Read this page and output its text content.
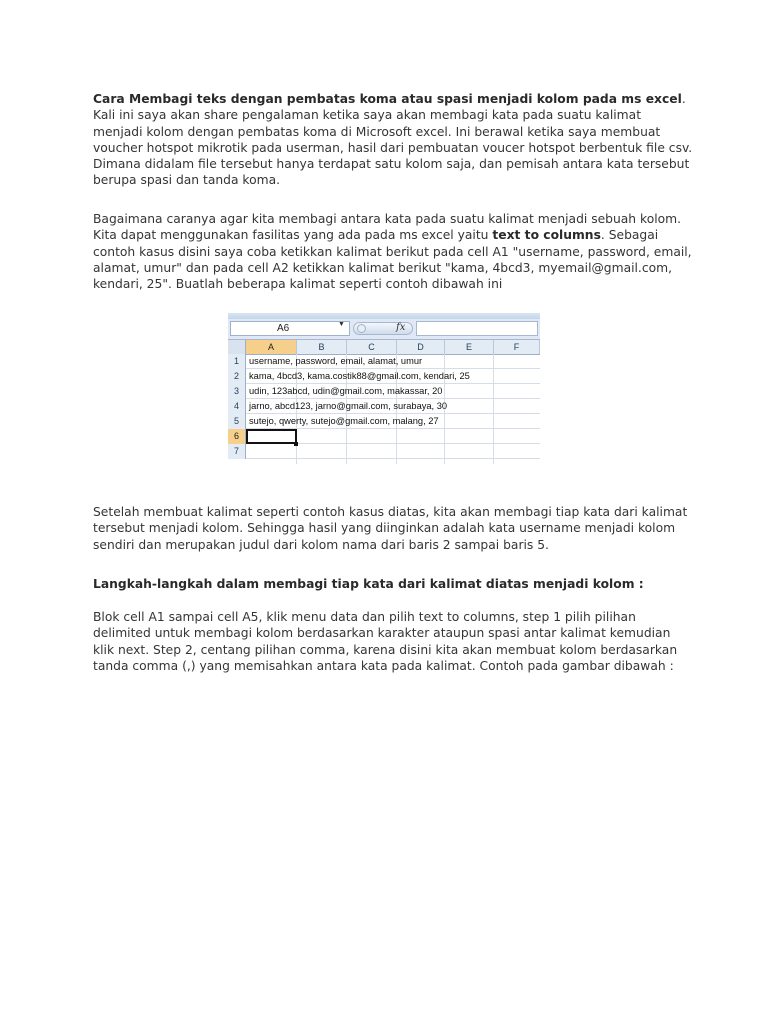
Cara Membagi teks dengan pembatas koma atau spasi menjadi kolom pada ms excel. Kali ini saya akan share pengalaman ketika saya akan membagi kata pada suatu kalimat menjadi kolom dengan pembatas koma di Microsoft excel. Ini berawal ketika saya membuat voucher hotspot mikrotik pada userman, hasil dari pembuatan voucer hotspot berbentuk file csv. Dimana didalam file tersebut hanya terdapat satu kolom saja, dan pemisah antara kata tersebut berupa spasi dan tanda koma.
Bagaimana caranya agar kita membagi antara kata pada suatu kalimat menjadi sebuah kolom. Kita dapat menggunakan fasilitas yang ada pada ms excel yaitu text to columns. Sebagai contoh kasus disini saya coba ketikkan kalimat berikut pada cell A1 "username, password, email, alamat, umur" dan pada cell A2 ketikkan kalimat berikut "kama, 4bcd3, myemail@gmail.com, kendari, 25". Buatlah beberapa kalimat seperti contoh dibawah ini
A6	▼	fx
A	B	C	D	E	F
1	username, password, email, alamat, umur
2	kama, 4bcd3, kama.costik88@gmail.com, kendari, 25
3	udin, 123abcd, udin@gmail.com, makassar, 20
4	jarno, abcd123, jarno@gmail.com, surabaya, 30
5	sutejo, qwerty, sutejo@gmail.com, malang, 27
6
7
Setelah membuat kalimat seperti contoh kasus diatas, kita akan membagi tiap kata dari kalimat tersebut menjadi kolom. Sehingga hasil yang diinginkan adalah kata username menjadi kolom sendiri dan merupakan judul dari kolom nama dari baris 2 sampai baris 5.
Langkah-langkah dalam membagi tiap kata dari kalimat diatas menjadi kolom :
Blok cell A1 sampai cell A5, klik menu data dan pilih text to columns, step 1 pilih pilihan delimited untuk membagi kolom berdasarkan karakter ataupun spasi antar kalimat kemudian klik next. Step 2, centang pilihan comma, karena disini kita akan membuat kolom berdasarkan tanda comma (,) yang memisahkan antara kata pada kalimat. Contoh pada gambar dibawah :
